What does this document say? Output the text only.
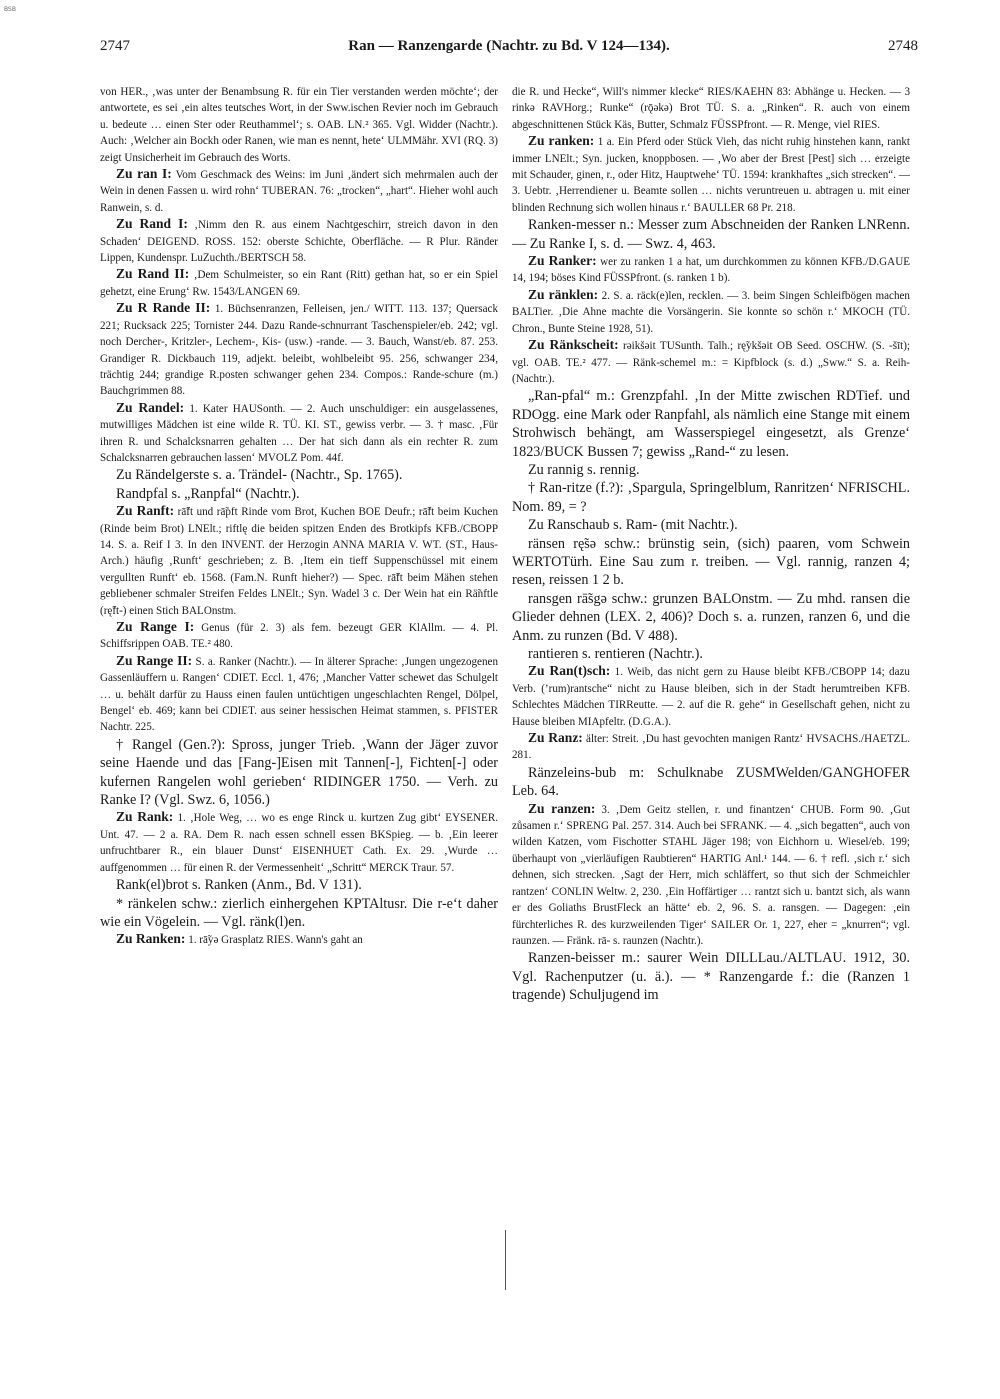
BSB
2747	Ran — Ranzengarde (Nachtr. zu Bd. V 124—134).	2748

von HER., ‚was unter der Benambsung R. für ein Tier verstanden werden möchte‘; der antwortete, es sei ‚ein altes teutsches Wort, in der Sww.ischen Revier noch im Gebrauch u. bedeute … einen Ster oder Reuthammel‘; s. OAB. LN.² 365. Vgl. Widder (Nachtr.). Auch: ‚Welcher ain Bockh oder Ranen, wie man es nennt, hete‘ ULMMähr. XVI (RQ. 3) zeigt Unsicherheit im Gebrauch des Worts.

Zu ran I: Vom Geschmack des Weins: im Juni ‚ändert sich mehrmalen auch der Wein in denen Fassen u. wird rohn‘ TUBERAN. 76: „trocken“, „hart“. Hieher wohl auch Ranwein, s. d.

Zu Rand I: ‚Nimm den R. aus einem Nachtgeschirr, streich davon in den Schaden‘ DEIGEND. ROSS. 152: oberste Schichte, Oberfläche. — R Plur. Ränder Lippen, Kundenspr. LuZuchth./BERTSCH 58.

Zu Rand II: ‚Dem Schulmeister, so ein Rant (Ritt) gethan hat, so er ein Spiel gehetzt, eine Erung‘ Rw. 1543/LANGEN 69.

Zu R Rande II: 1. Büchsenranzen, Felleisen, jen./ WITT. 113. 137; Quersack 221; Rucksack 225; Tornister 244. Dazu Rande-schnurrant Taschenspieler/eb. 242; vgl. noch Dercher-, Kritzler-, Lechem-, Kis- (usw.) -rande. — 3. Bauch, Wanst/eb. 87. 253. Grandiger R. Dickbauch 119, adjekt. beleibt, wohlbeleibt 95. 256, schwanger 234, trächtig 244; grandige R.posten schwanger gehen 234. Compos.: Rande-schure (m.) Bauchgrimmen 88.

Zu Randel: 1. Kater HAUSonth. — 2. Auch unschuldiger: ein ausgelassenes, mutwilliges Mädchen ist eine wilde R. TÜ. KI. ST., gewiss verbr. — 3. † masc. ‚Für ihren R. und Schalcksnarren gehalten … Der hat sich dann als ein rechter R. zum Schalcksnarren gebrauchen lassen‘ MVOLZ Pom. 44f.

Zu Rändelgerste s. a. Trändel- (Nachtr., Sp. 1765).

Randpfal s. „Ranpfal“ (Nachtr.).

Zu Ranft: rā̃ft und rā̃pft Rinde vom Brot, Kuchen BOE Deufr.; rā̃ft beim Kuchen (Rinde beim Brot) LNElt.; riftlę die beiden spitzen Enden des Brotkipfs KFB./CBOPP 14. S. a. Reif I 3. In den INVENT. der Herzogin ANNA MARIA V. WT. (ST., Haus-Arch.) häufig ‚Runft‘ geschrieben; z. B. ‚Item ein tieff Suppenschüssel mit einem vergullten Runft‘ eb. 1568. (Fam.N. Runft hieher?) — Spec. rā̃ft beim Mähen stehen gebliebener schmaler Streifen Feldes LNElt.; Syn. Wadel 3 c. Der Wein hat ein Rä̃nftle (rę̃ft-) einen Stich BALOnstm.

Zu Range I: Genus (für 2. 3) als fem. bezeugt GER KlAllm. — 4. Pl. Schiffsrippen OAB. TE.² 480.

Zu Range II: S. a. Ranker (Nachtr.). — In älterer Sprache: ‚Jungen ungezogenen Gassenläuffern u. Rangen‘ CDIET. Eccl. 1, 476; ‚Mancher Vatter schewet das Schulgelt … u. behält darfür zu Hauss einen faulen untüchtigen ungeschlachten Rengel, Dölpel, Bengel‘ eb. 469; kann bei CDIET. aus seiner hessischen Heimat stammen, s. PFISTER Nachtr. 225.

† Rangel (Gen.?): Spross, junger Trieb. ‚Wann der Jäger zuvor seine Haende und das [Fang-]Eisen mit Tannen[-], Fichten[-] oder kufernen Rangelen wohl gerieben‘ RIDINGER 1750. — Verh. zu Ranke I? (Vgl. Swz. 6, 1056.)

Zu Rank: 1. ‚Hole Weg, … wo es enge Rinck u. kurtzen Zug gibt‘ EYSENER. Unt. 47. — 2 a. RA. Dem R. nach essen schnell essen BKSpieg. — b. ‚Ein leerer unfruchtbarer R., ein blauer Dunst‘ EISENHUET Cath. Ex. 29. ‚Wurde … auffgenommen … für einen R. der Vermessenheit‘ „Schritt“ MERCK Traur. 57.

Rank(el)brot s. Ranken (Anm., Bd. V 131).

* ränkelen schw.: zierlich einhergehen KPTAltusr. Die r-e‘t daher wie ein Vögelein. — Vgl. ränk(l)en.

Zu Ranken: 1. rā̃yə Grasplatz RIES. Wann's gaht an

die R. und Hecke“, Will's nimmer klecke“ RIES/KAEHN 83: Abhänge u. Hecken. — 3 rinkə RAVHorg.; Runke“ (rǭəkə) Brot TÜ. S. a. „Rinken“. R. auch von einem abgeschnittenen Stück Käs, Butter, Schmalz FÜSSPfront. — R. Menge, viel RIES.

Zu ranken: 1 a. Ein Pferd oder Stück Vieh, das nicht ruhig hinstehen kann, rankt immer LNElt.; Syn. jucken, knoppbosen. — ‚Wo aber der Brest [Pest] sich … erzeigte mit Schauder, ginen, r., oder Hitz, Hauptwehe‘ TÜ. 1594: krankhaftes „sich strecken“. — 3. Uebtr. ‚Herrendiener u. Beamte sollen … nichts veruntreuen u. abtragen u. mit einer blinden Rechnung sich wollen hinaus r.‘ BAULLER 68 Pr. 218.

Ranken-messer n.: Messer zum Abschneiden der Ranken LNRenn. — Zu Ranke I, s. d. — Swz. 4, 463.

Zu Ranker: wer zu ranken 1 a hat, um durchkommen zu können KFB./D.GAUE 14, 194; böses Kind FÜSSPfront. (s. ranken 1 b).

Zu ränklen: 2. S. a. räck(e)len, recklen. — 3. beim Singen Schleifbögen machen BALTier. ‚Die Ahne machte die Vorsängerin. Sie konnte so schön r.‘ MKOCH (TÜ. Chron., Bunte Steine 1928, 51).

Zu Ränkscheit: rəikšəit TUSunth. Talh.; rę̃ykšəit OB Seed. OSCHW. (S. -šīt); vgl. OAB. TE.² 477. — Ränk-schemel m.: = Kipfblock (s. d.) „Sww.“ S. a. Reih- (Nachtr.).

„Ran-pfal“ m.: Grenzpfahl. ‚In der Mitte zwischen RDTief. und RDOgg. eine Mark oder Ranpfahl, als nämlich eine Stange mit einem Strohwisch behängt, am Wasserspiegel eingesetzt, als Grenze‘ 1823/BUCK Bussen 7; gewiss „Rand-“ zu lesen.

Zu rannig s. rennig.

† Ran-ritze (f.?): ‚Spargula, Springelblum, Ranritzen‘ NFRISCHL. Nom. 89, = ?

Zu Ranschaub s. Ram- (mit Nachtr.).

ränsen rę̃sə schw.: brünstig sein, (sich) paaren, vom Schwein WERTOTürh. Eine Sau zum r. treiben. — Vgl. rannig, ranzen 4; resen, reissen 1 2 b.

ransgen rā̃sgə schw.: grunzen BALOnstm. — Zu mhd. ransen die Glieder dehnen (LEX. 2, 406)? Doch s. a. runzen, ranzen 6, und die Anm. zu runzen (Bd. V 488).

rantieren s. rentieren (Nachtr.).

Zu Ran(t)sch: 1. Weib, das nicht gern zu Hause bleibt KFB./CBOPP 14; dazu Verb. (’rum)rantsche“ nicht zu Hause bleiben, sich in der Stadt herumtreiben KFB. Schlechtes Mädchen TIRReutte. — 2. auf die R. gehe“ in Gesellschaft gehen, nicht zu Hause bleiben MIApfeltr. (D.G.A.).

Zu Ranz: älter: Streit. ‚Du hast gevochten manigen Rantz‘ HVSACHS./HAETZL. 281.

Ränzeleins-bub m: Schulknabe ZUSMWelden/GANGHOFER Leb. 64.

Zu ranzen: 3. ‚Dem Geitz stellen, r. und finantzen‘ CHUB. Form 90. ‚Gut zůsamen r.‘ SPRENG Pal. 257. 314. Auch bei SFRANK. — 4. „sich begatten“, auch von wilden Katzen, vom Fischotter STAHL Jäger 198; von Eichhorn u. Wiesel/eb. 199; überhaupt von „vierläufigen Raubtieren“ HARTIG Anl.¹ 144. — 6. † refl. ‚sich r.‘ sich dehnen, sich strecken. ‚Sagt der Herr, mich schläffert, so thut sich der Schmeichler rantzen‘ CONLIN Weltw. 2, 230. ‚Ein Hoffärtiger … rantzt sich u. bantzt sich, als wann er des Goliaths BrustFleck an hätte‘ eb. 2, 96. S. a. ransgen. — Dagegen: ‚ein fürchterliches R. des kurzweilenden Tiger‘ SAILER Or. 1, 227, eher = „knurren“; vgl. raunzen. — Fränk. rā- s. raunzen (Nachtr.).

Ranzen-beisser m.: saurer Wein DILLLau./ALTLAU. 1912, 30. Vgl. Rachenputzer (u. ä.). — * Ranzengarde f.: die (Ranzen 1 tragende) Schuljugend im
